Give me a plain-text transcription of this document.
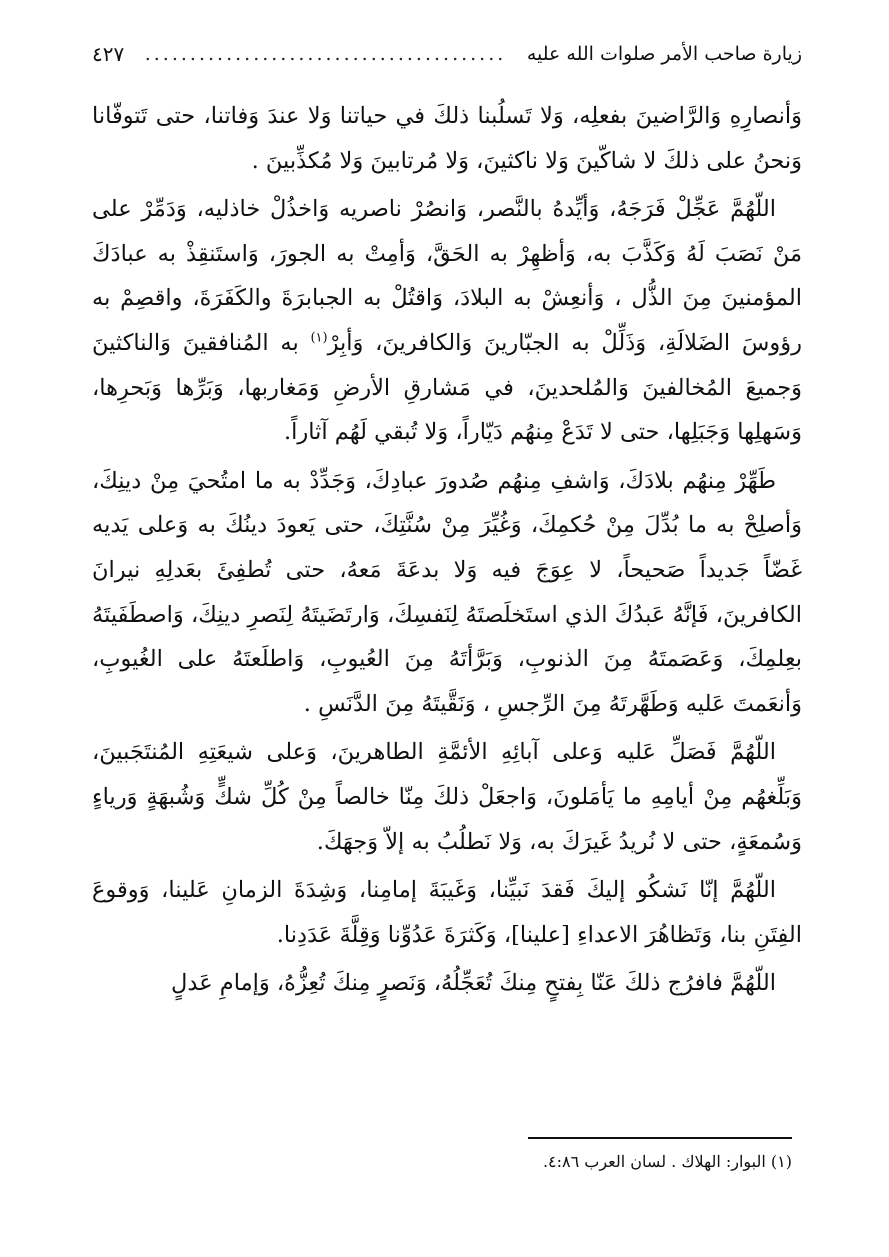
زيارة صاحب الأمر صلوات الله عليه
........................................
٤٢٧

وَأنصارِهِ وَالرَّاضينَ بفعلِه، وَلا تَسلُبنا ذلكَ في حياتنا وَلا عندَ وَفاتنا، حتى تَتوفّانا وَنحنُ على ذلكَ لا شاكّينَ وَلا ناكثينَ، وَلا مُرتابينَ وَلا مُكذِّبينَ .

اللّهُمَّ عَجِّلْ فَرَجَهُ، وَأيِّدهُ بالنَّصر، وَانصُرْ ناصريه وَاخذُلْ خاذليه، وَدَمِّرْ على مَنْ نَصَبَ لَهُ وَكَذَّبَ به، وَأظهِرْ به الحَقَّ، وَأمِتْ به الجورَ، وَاستَنقِذْ به عبادَكَ المؤمنينَ مِنَ الذُّل ، وَأنعِشْ به البلادَ، وَاقتُلْ به الجبابرَةَ والكَفَرَةَ، واقصِمْ به رؤوسَ الضَلالَةِ، وَذَلِّلْ به الجبّارينَ وَالكافرينَ، وَأبِرْ$^{(١)}$ به المُنافقينَ وَالناكثينَ وَجميعَ المُخالفينَ وَالمُلحدينَ، في مَشارقِ الأرضِ وَمَغاربها، وَبَرِّها وَبَحرِها، وَسَهلِها وَجَبَلِها، حتى لا تَدَعْ مِنهُم دَيّاراً، وَلا تُبقي لَهُم آثاراً.

طَهِّرْ مِنهُم بلادَكَ، وَاشفِ مِنهُم صُدورَ عبادِكَ، وَجَدِّدْ به ما امتُحيَ مِنْ دينِكَ، وَأصلِحْ به ما بُدِّلَ مِنْ حُكمِكَ، وَغُيِّرَ مِنْ سُنَّتِكَ، حتى يَعودَ دينُكَ به وَعلى يَديه غَضّاً جَديداً صَحيحاً، لا عِوَجَ فيه وَلا بدعَةَ مَعهُ، حتى تُطفِئَ بعَدلِهِ نيرانَ الكافرينَ، فَإنَّهُ عَبدُكَ الذي استَخلَصتَهُ لِنَفسِكَ، وَارتَضَيتَهُ لِنَصرِ دينِكَ، وَاصطَفَيتَهُ بعِلمِكَ، وَعَصَمتَهُ مِنَ الذنوبِ، وَبَرَّأتَهُ مِنَ العُيوبِ، وَاطلَعتَهُ على الغُيوبِ، وَأنعَمتَ عَليه وَطَهَّرتَهُ مِنَ الرِّجسِ ، وَنَقَّيتَهُ مِنَ الدَّنَسِ .

اللّهُمَّ فَصَلِّ عَليه وَعلى آبائِهِ الأئمَّةِ الطاهرينَ، وَعلى شيعَتِهِ المُنتَجَبينَ، وَبَلِّغهُم مِنْ أيامِهِ ما يَأمَلونَ، وَاجعَلْ ذلكَ مِنّا خالصاً مِنْ كُلِّ شكٍّ وَشُبهَةٍ وَرياءٍ وَسُمعَةٍ، حتى لا نُريدُ غَيرَكَ به، وَلا نَطلُبُ به إلاّ وَجهَكَ.

اللّهُمَّ إنّا نَشكُو إليكَ فَقدَ نَبيِّنا، وَغَيبَةَ إمامِنا، وَشِدَةَ الزمانِ عَلينا، وَوقوعَ الفِتَنِ بنا، وَتَظاهُرَ الاعداءِ [علينا]، وَكَثرَةَ عَدُوِّنا وَقِلَّةَ عَدَدِنا.

اللّهُمَّ فافرُج ذلكَ عَنّا بِفتحٍ مِنكَ تُعَجِّلُهُ، وَنَصرٍ مِنكَ تُعِزُّهُ، وَإمامِ عَدلٍ

(١) البوار: الهلاك . لسان العرب ٤:٨٦.
